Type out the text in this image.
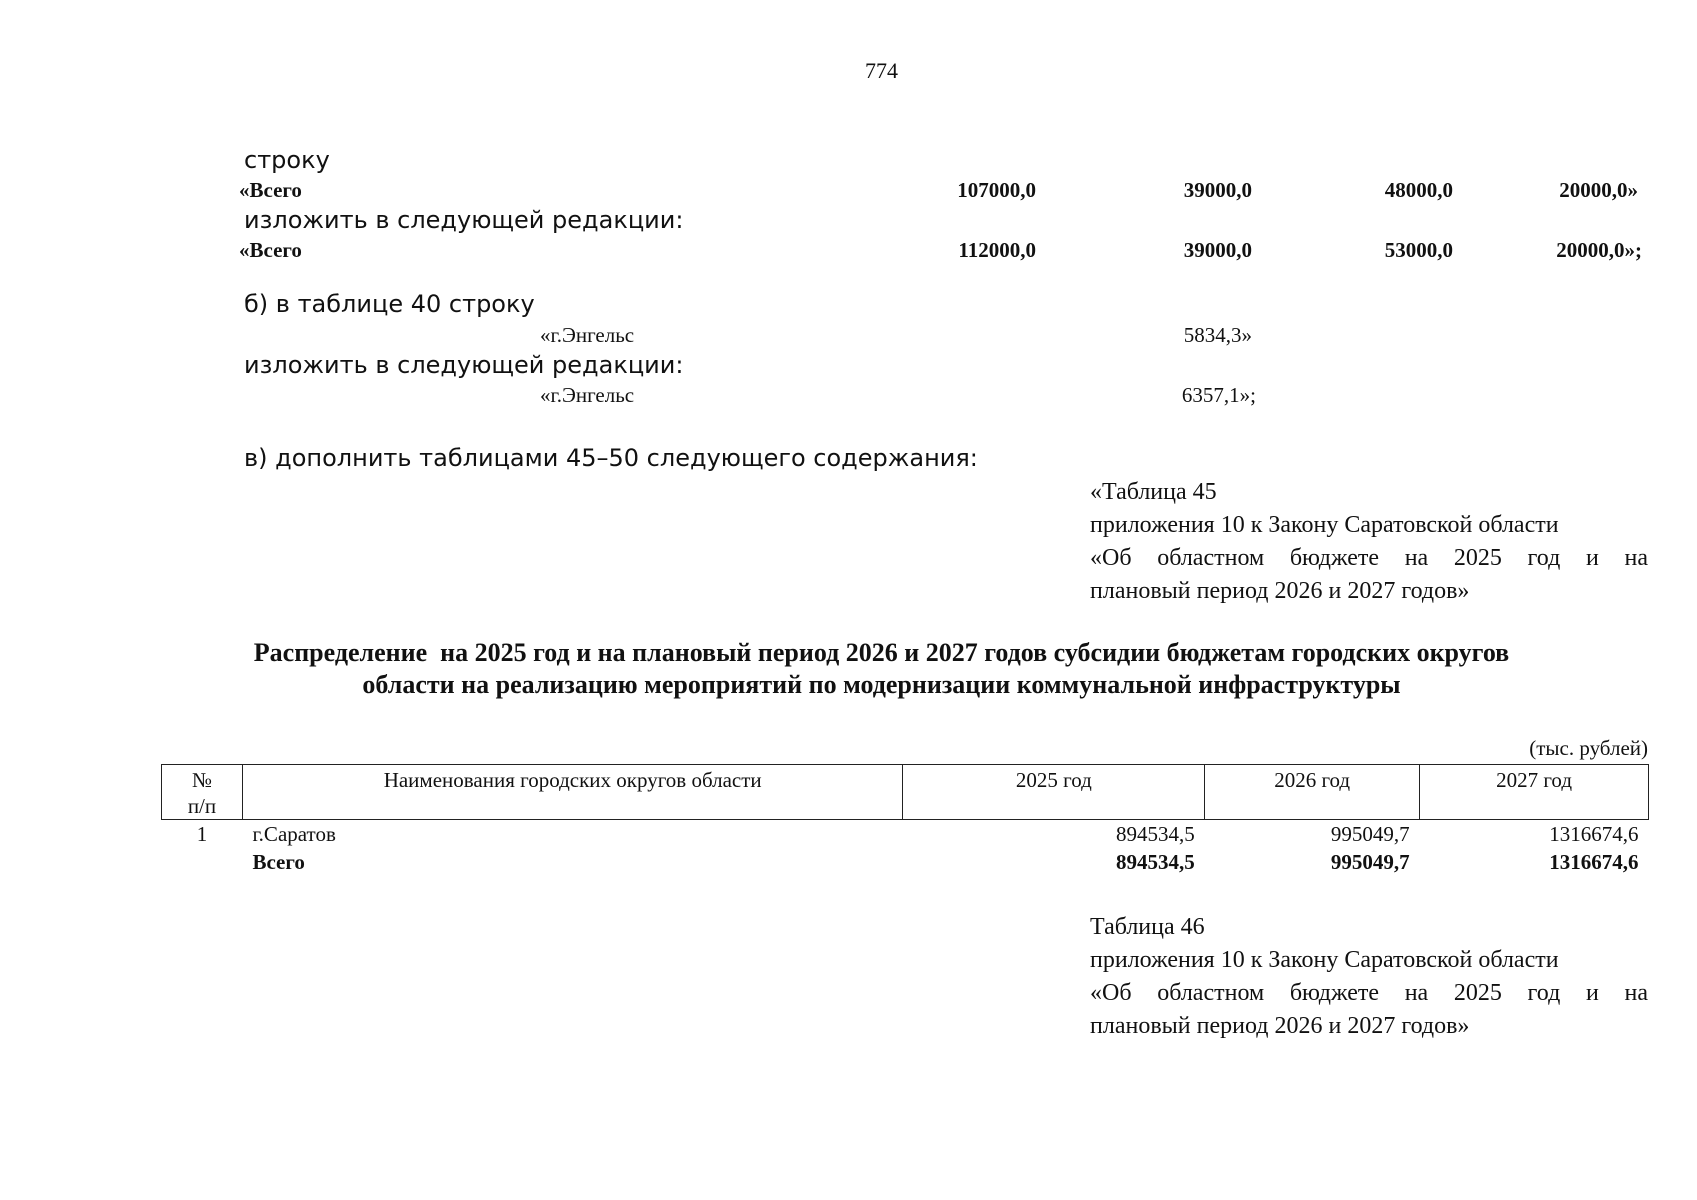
774
строку
«Всего	107000,0	39000,0	48000,0	20000,0»
изложить в следующей редакции:
«Всего	112000,0	39000,0	53000,0	20000,0»;
б) в таблице 40 строку
«г.Энгельс	5834,3»
изложить в следующей редакции:
«г.Энгельс	6357,1»;
в) дополнить таблицами 45–50 следующего содержания:
«Таблица 45
приложения 10 к Закону Саратовской области
«Об областном бюджете на 2025 год и на
плановый период 2026 и 2027 годов»
Распределение  на 2025 год и на плановый период 2026 и 2027 годов субсидии бюджетам городских округов
области на реализацию мероприятий по модернизации коммунальной инфраструктуры
(тыс. рублей)
№
п/п	Наименования городских округов области	2025 год	2026 год	2027 год
1	г.Саратов	894534,5	995049,7	1316674,6
	Всего	894534,5	995049,7	1316674,6
Таблица 46
приложения 10 к Закону Саратовской области
«Об областном бюджете на 2025 год и на
плановый период 2026 и 2027 годов»
